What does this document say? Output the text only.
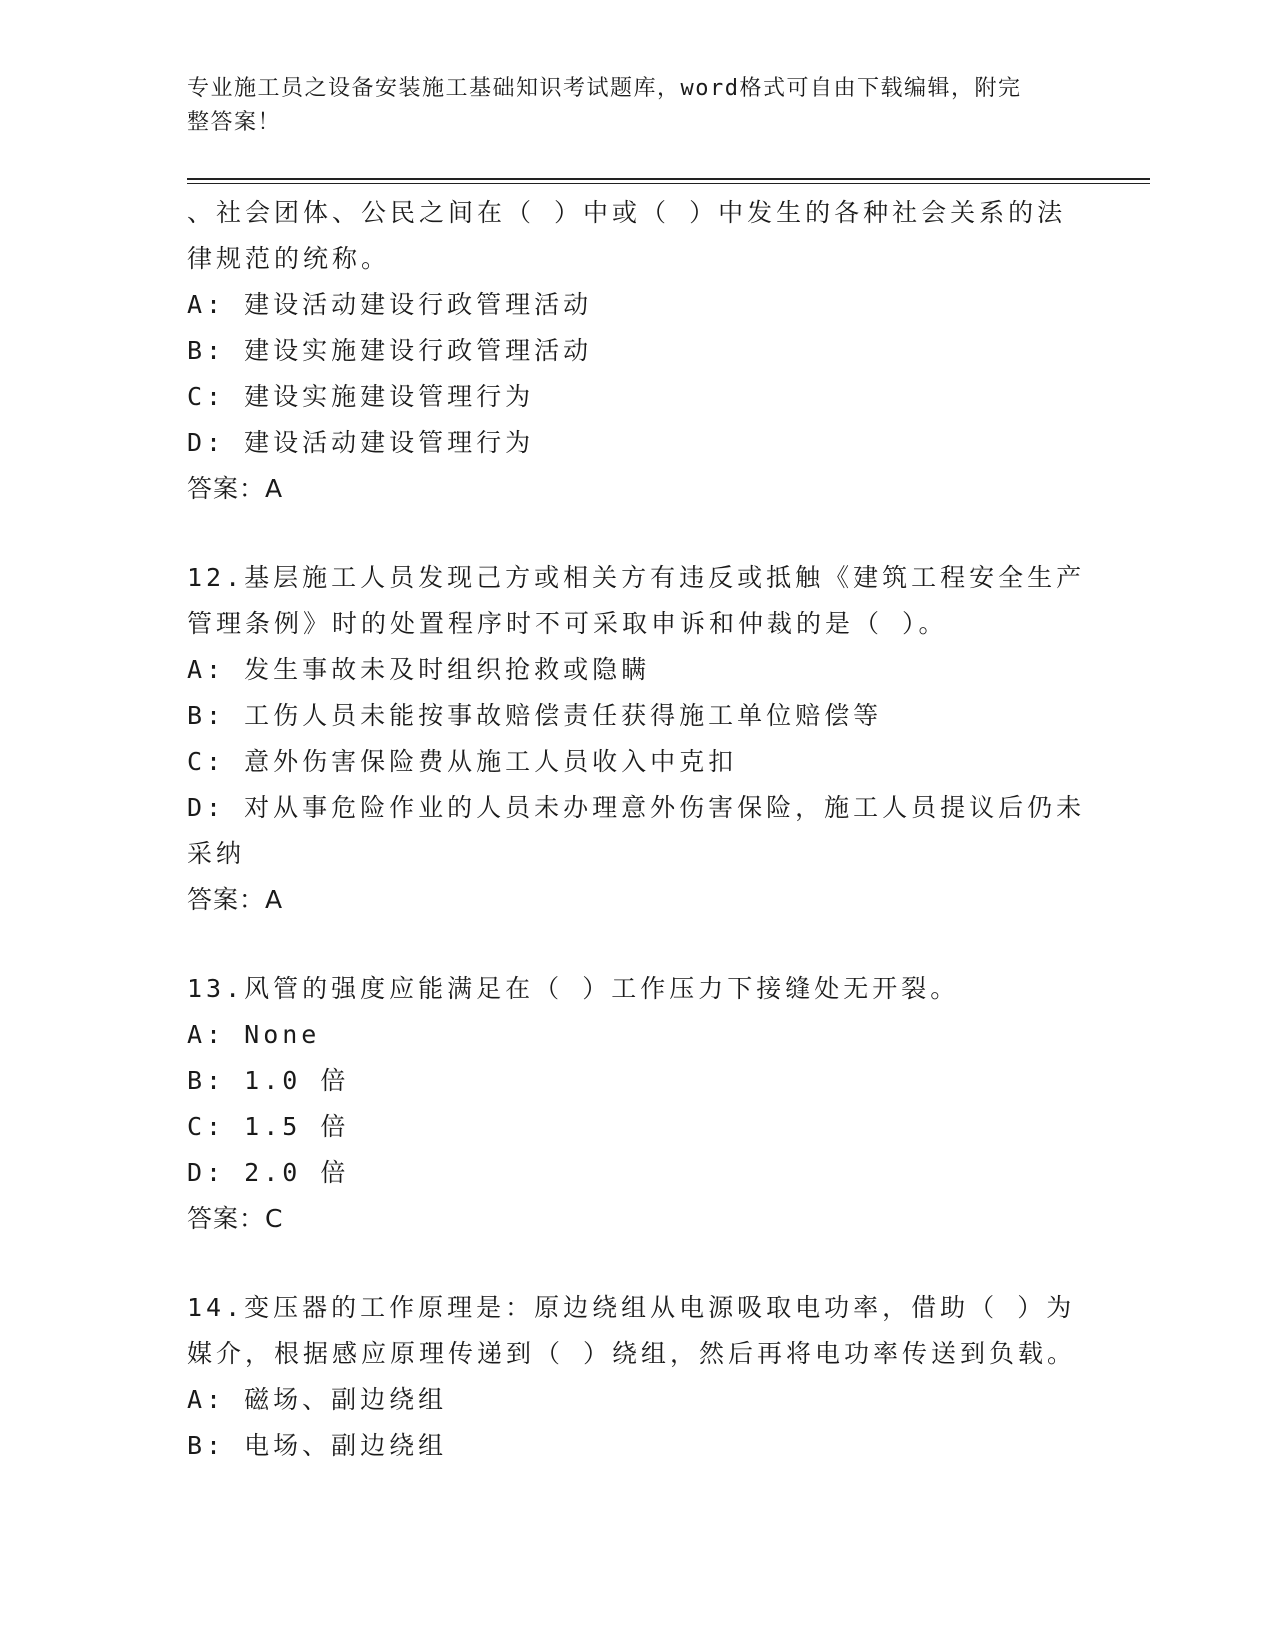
专业施工员之设备安装施工基础知识考试题库，word格式可自由下载编辑，附完
整答案！
、社会团体、公民之间在（ ）中或（ ）中发生的各种社会关系的法
律规范的统称。
A: 建设活动建设行政管理活动
B: 建设实施建设行政管理活动
C: 建设实施建设管理行为
D: 建设活动建设管理行为
答案：A
12.基层施工人员发现己方或相关方有违反或抵触《建筑工程安全生产
管理条例》时的处置程序时不可采取申诉和仲裁的是（ ）。
A: 发生事故未及时组织抢救或隐瞒
B: 工伤人员未能按事故赔偿责任获得施工单位赔偿等
C: 意外伤害保险费从施工人员收入中克扣
D: 对从事危险作业的人员未办理意外伤害保险，施工人员提议后仍未
采纳
答案：A
13.风管的强度应能满足在（ ）工作压力下接缝处无开裂。
A: None
B: 1.0 倍
C: 1.5 倍
D: 2.0 倍
答案：C
14.变压器的工作原理是：原边绕组从电源吸取电功率，借助（ ）为
媒介，根据感应原理传递到（ ）绕组，然后再将电功率传送到负载。
A: 磁场、副边绕组
B: 电场、副边绕组
